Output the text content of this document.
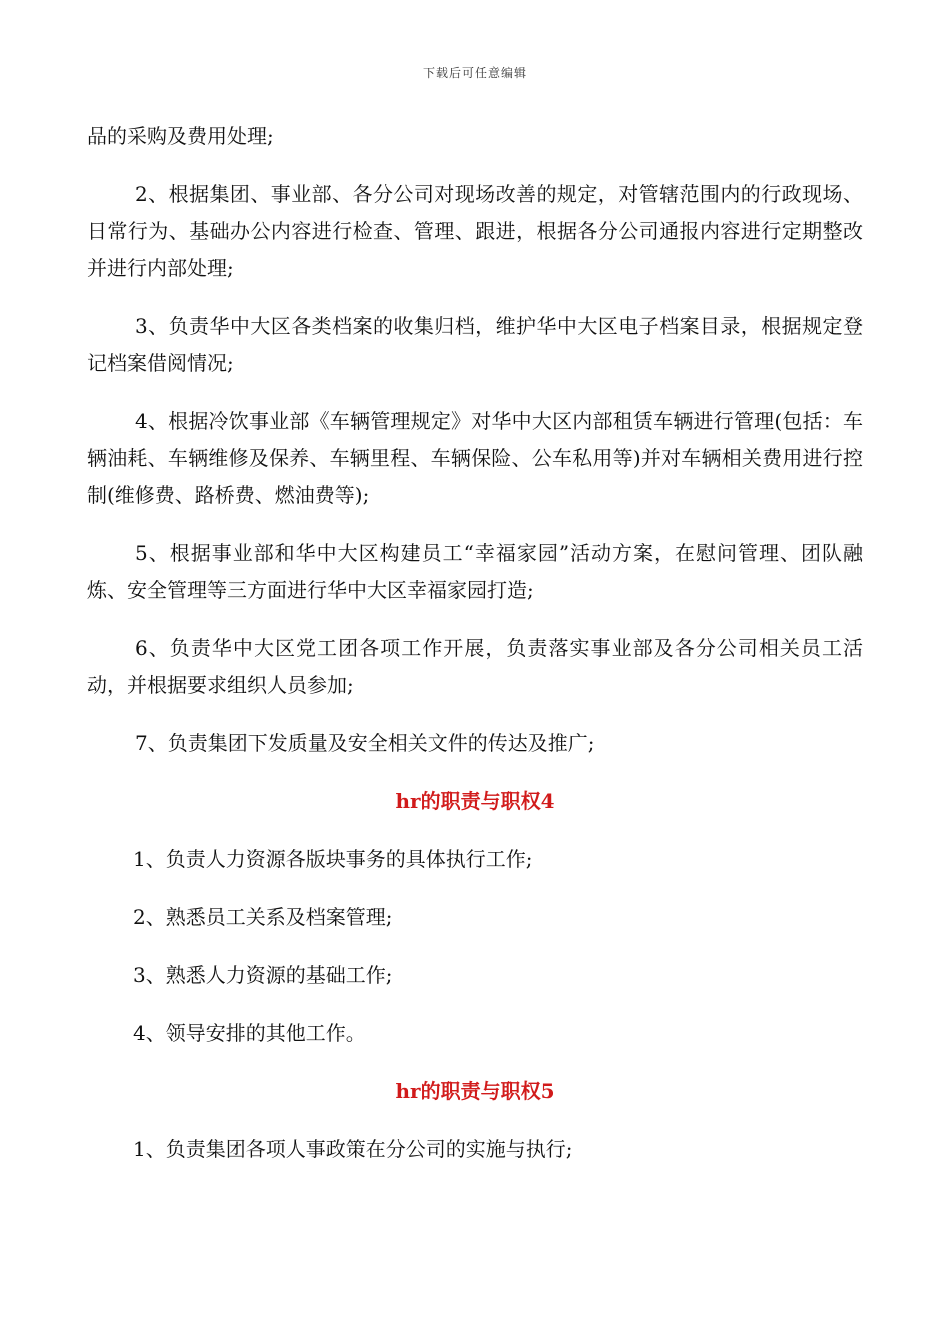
下载后可任意编辑

品的采购及费用处理;

2、根据集团、事业部、各分公司对现场改善的规定，对管辖范围内的行政现场、日常行为、基础办公内容进行检查、管理、跟进，根据各分公司通报内容进行定期整改并进行内部处理;

3、负责华中大区各类档案的收集归档，维护华中大区电子档案目录，根据规定登记档案借阅情况;

4、根据冷饮事业部《车辆管理规定》对华中大区内部租赁车辆进行管理(包括：车辆油耗、车辆维修及保养、车辆里程、车辆保险、公车私用等)并对车辆相关费用进行控制(维修费、路桥费、燃油费等);

5、根据事业部和华中大区构建员工“幸福家园”活动方案，在慰问管理、团队融炼、安全管理等三方面进行华中大区幸福家园打造;

6、负责华中大区党工团各项工作开展，负责落实事业部及各分公司相关员工活动，并根据要求组织人员参加;

7、负责集团下发质量及安全相关文件的传达及推广;

hr的职责与职权4

1、负责人力资源各版块事务的具体执行工作;

2、熟悉员工关系及档案管理;

3、熟悉人力资源的基础工作;

4、领导安排的其他工作。

hr的职责与职权5

1、负责集团各项人事政策在分公司的实施与执行;
